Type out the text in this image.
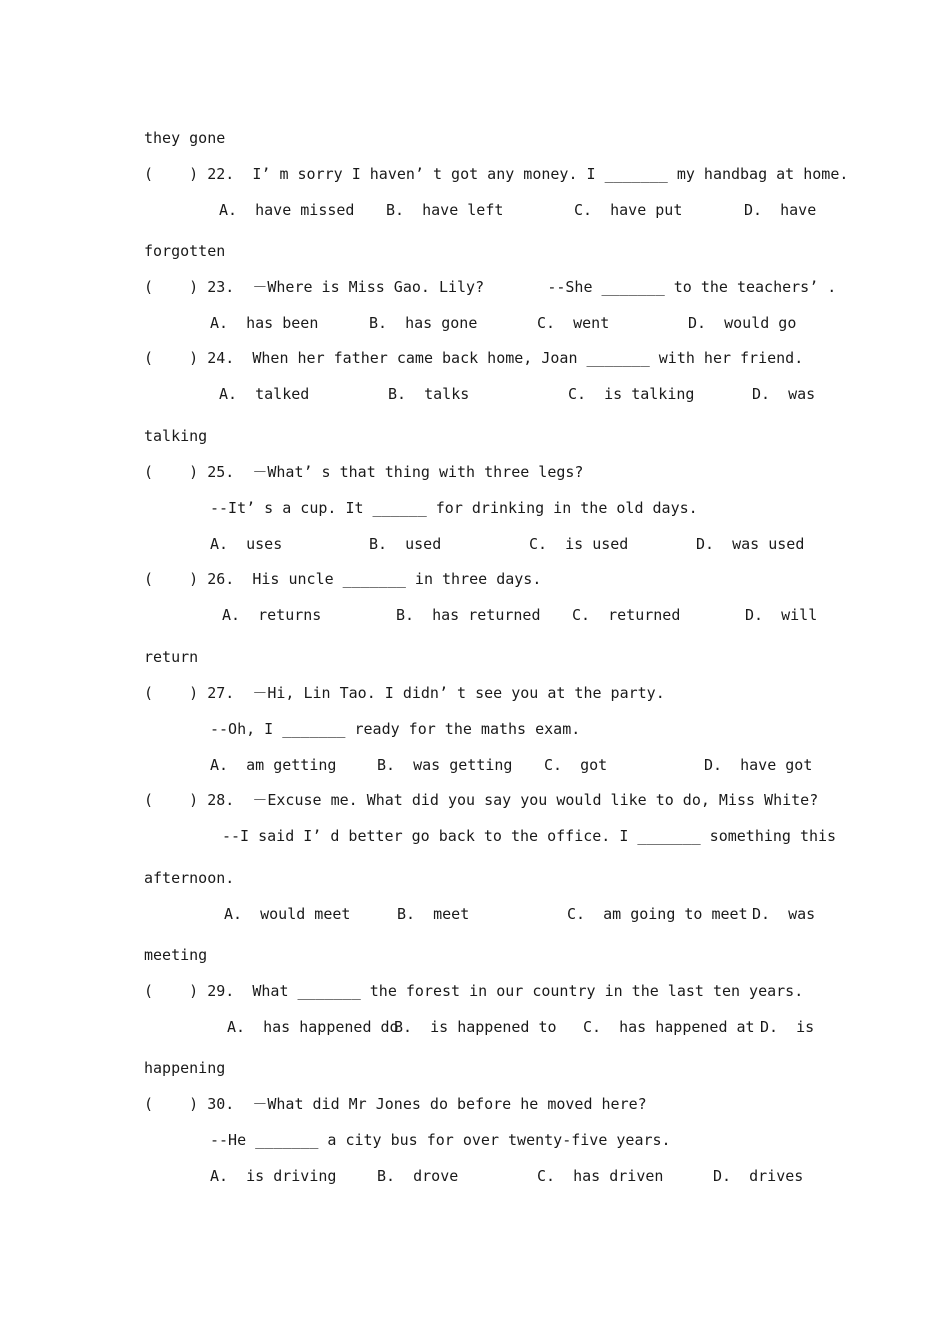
they gone
(    ) 22.  I’ m sorry I haven’ t got any money. I _______ my handbag at home.
A.  have missed B.  have left	C.  have put	D.  have
forgotten
(    ) 23.  －Where is Miss Gao. Lily?       --She _______ to the teachers’ .
A.  has been	B.  has gone	C.  went	D.  would go
(    ) 24.  When her father came back home, Joan _______ with her friend.
A.  talked	B.  talks	C.  is talking	D.  was
talking
(    ) 25.  －What’ s that thing with three legs?
--It’ s a cup. It ______ for drinking in the old days.
A.  uses	B.  used	C.  is used	D.  was used
(    ) 26.  His uncle _______ in three days.
A.  returns	B.  has returned C.  returned	D.  will
return
(    ) 27.  －Hi, Lin Tao. I didn’ t see you at the party.
--Oh, I _______ ready for the maths exam.
A.  am getting	B.  was getting C.  got	D.  have got
(    ) 28.  －Excuse me. What did you say you would like to do, Miss White?
--I said I’ d better go back to the office. I _______ something this
afternoon.
A.  would meet	B.  meet	C.  am going to meet D.  was
meeting
(    ) 29.  What _______ the forest in our country in the last ten years.
A.  has happened do
B.  is happened to C.  has happened at D.  is
happening
(    ) 30.  －What did Mr Jones do before he moved here?
--He _______ a city bus for over twenty-five years.
A.  is driving	B.  drove	C.  has driven	D.  drives
